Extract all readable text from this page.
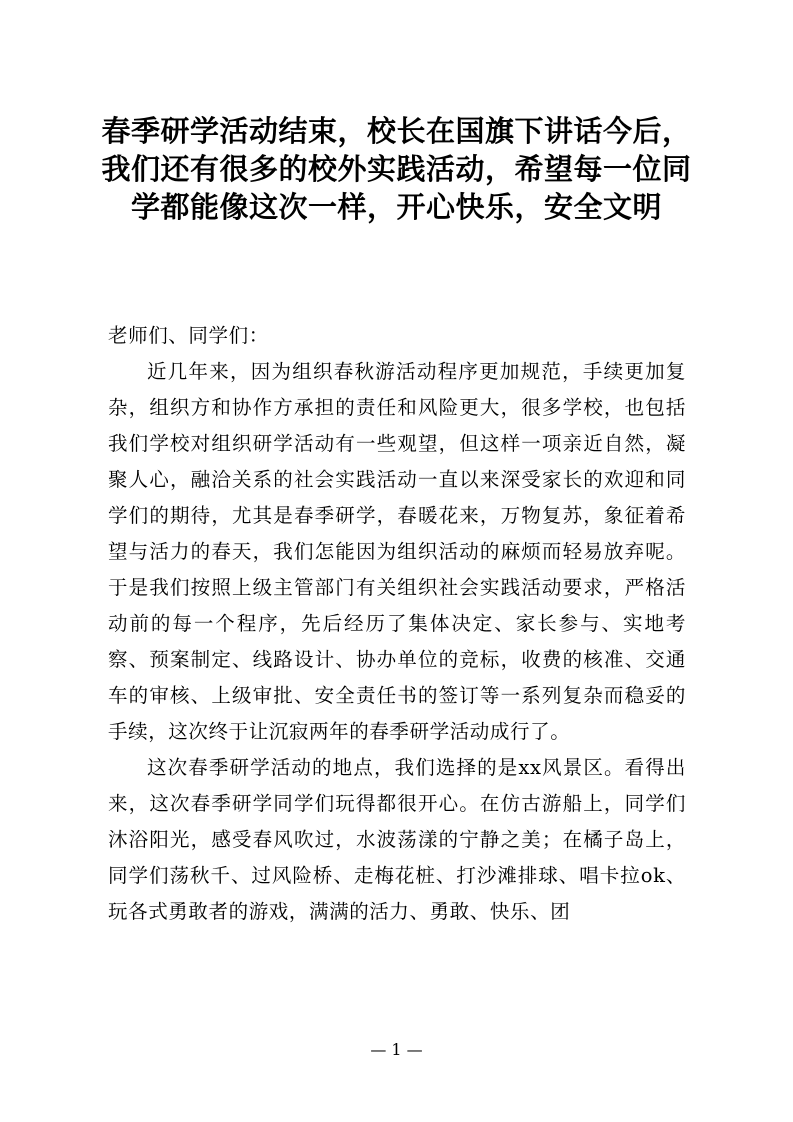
春季研学活动结束，校长在国旗下讲话今后，我们还有很多的校外实践活动，希望每一位同学都能像这次一样，开心快乐，安全文明

老师们、同学们：

近几年来，因为组织春秋游活动程序更加规范，手续更加复杂，组织方和协作方承担的责任和风险更大，很多学校，也包括我们学校对组织研学活动有一些观望，但这样一项亲近自然，凝聚人心，融洽关系的社会实践活动一直以来深受家长的欢迎和同学们的期待，尤其是春季研学，春暖花来，万物复苏，象征着希望与活力的春天，我们怎能因为组织活动的麻烦而轻易放弃呢。于是我们按照上级主管部门有关组织社会实践活动要求，严格活动前的每一个程序，先后经历了集体决定、家长参与、实地考察、预案制定、线路设计、协办单位的竞标，收费的核准、交通车的审核、上级审批、安全责任书的签订等一系列复杂而稳妥的手续，这次终于让沉寂两年的春季研学活动成行了。

这次春季研学活动的地点，我们选择的是xx风景区。看得出来，这次春季研学同学们玩得都很开心。在仿古游船上，同学们沐浴阳光，感受春风吹过，水波荡漾的宁静之美；在橘子岛上，同学们荡秋千、过风险桥、走梅花桩、打沙滩排球、唱卡拉ok、玩各式勇敢者的游戏，满满的活力、勇敢、快乐、团

— 1 —
